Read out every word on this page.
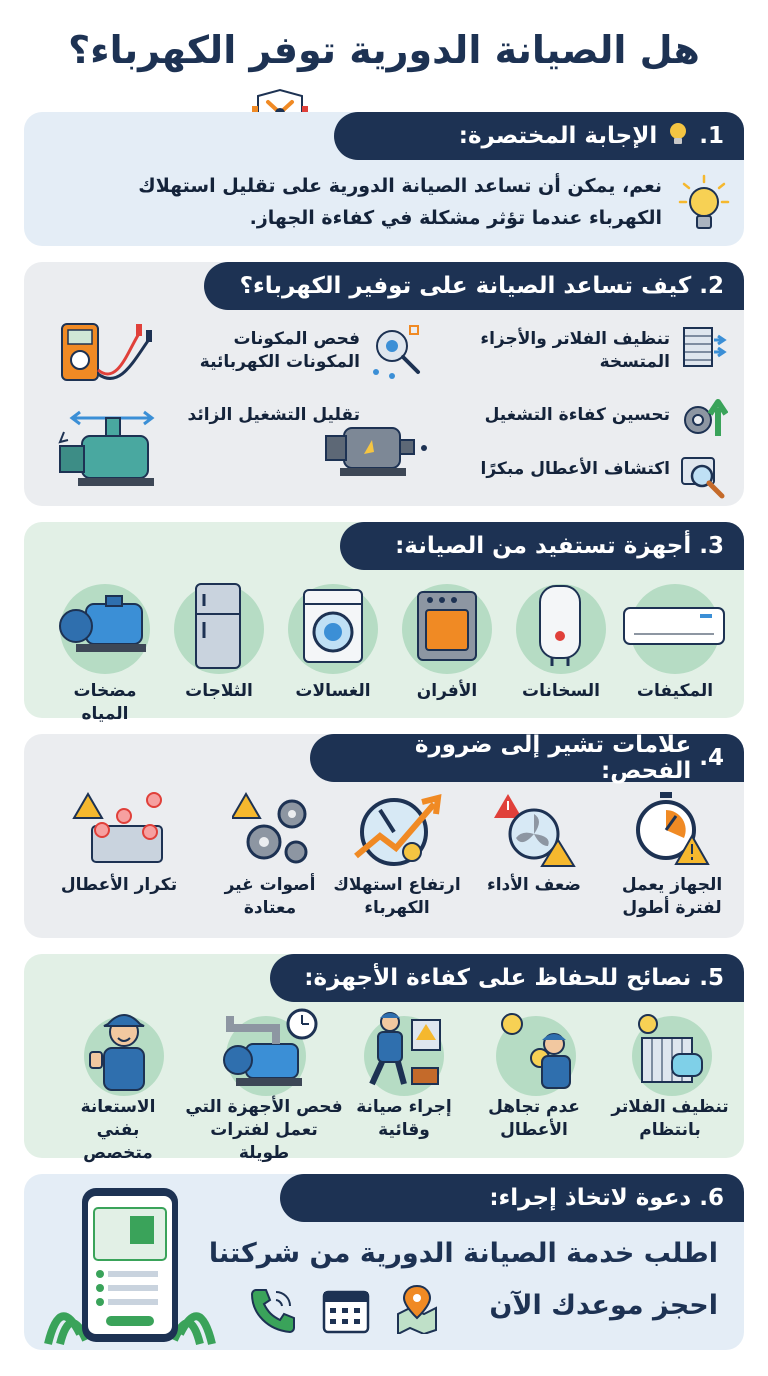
هل الصيانة الدورية توفر الكهرباء؟
1.
الإجابة المختصرة:
نعم، يمكن أن تساعد الصيانة الدورية على تقليل استهلاك
الكهرباء عندما تؤثر مشكلة في كفاءة الجهاز.
2.
كيف تساعد الصيانة على توفير الكهرباء؟
تنظيف الفلاتر والأجزاء
المتسخة
تحسين كفاءة التشغيل
اكتشاف الأعطال مبكرًا
فحص المكونات
المكونات الكهربائية
تقليل التشغيل الزائد
3.
أجهزة تستفيد من الصيانة:
المكيفات
السخانات
الأفران
الغسالات
الثلاجات
مضخات المياه
4.
علامات تشير إلى ضرورة الفحص:
الجهاز يعمل
لفترة أطول
ضعف الأداء
ارتفاع استهلاك
الكهرباء
أصوات غير
معتادة
تكرار الأعطال
5.
نصائح للحفاظ على كفاءة الأجهزة:
تنظيف الفلاتر
بانتظام
عدم تجاهل
الأعطال
إجراء صيانة
وقائية
فحص الأجهزة التي
تعمل لفترات طويلة
الاستعانة بفني
متخصص
6.
دعوة لاتخاذ إجراء:
اطلب خدمة الصيانة الدورية من شركتنا
احجز موعدك الآن
